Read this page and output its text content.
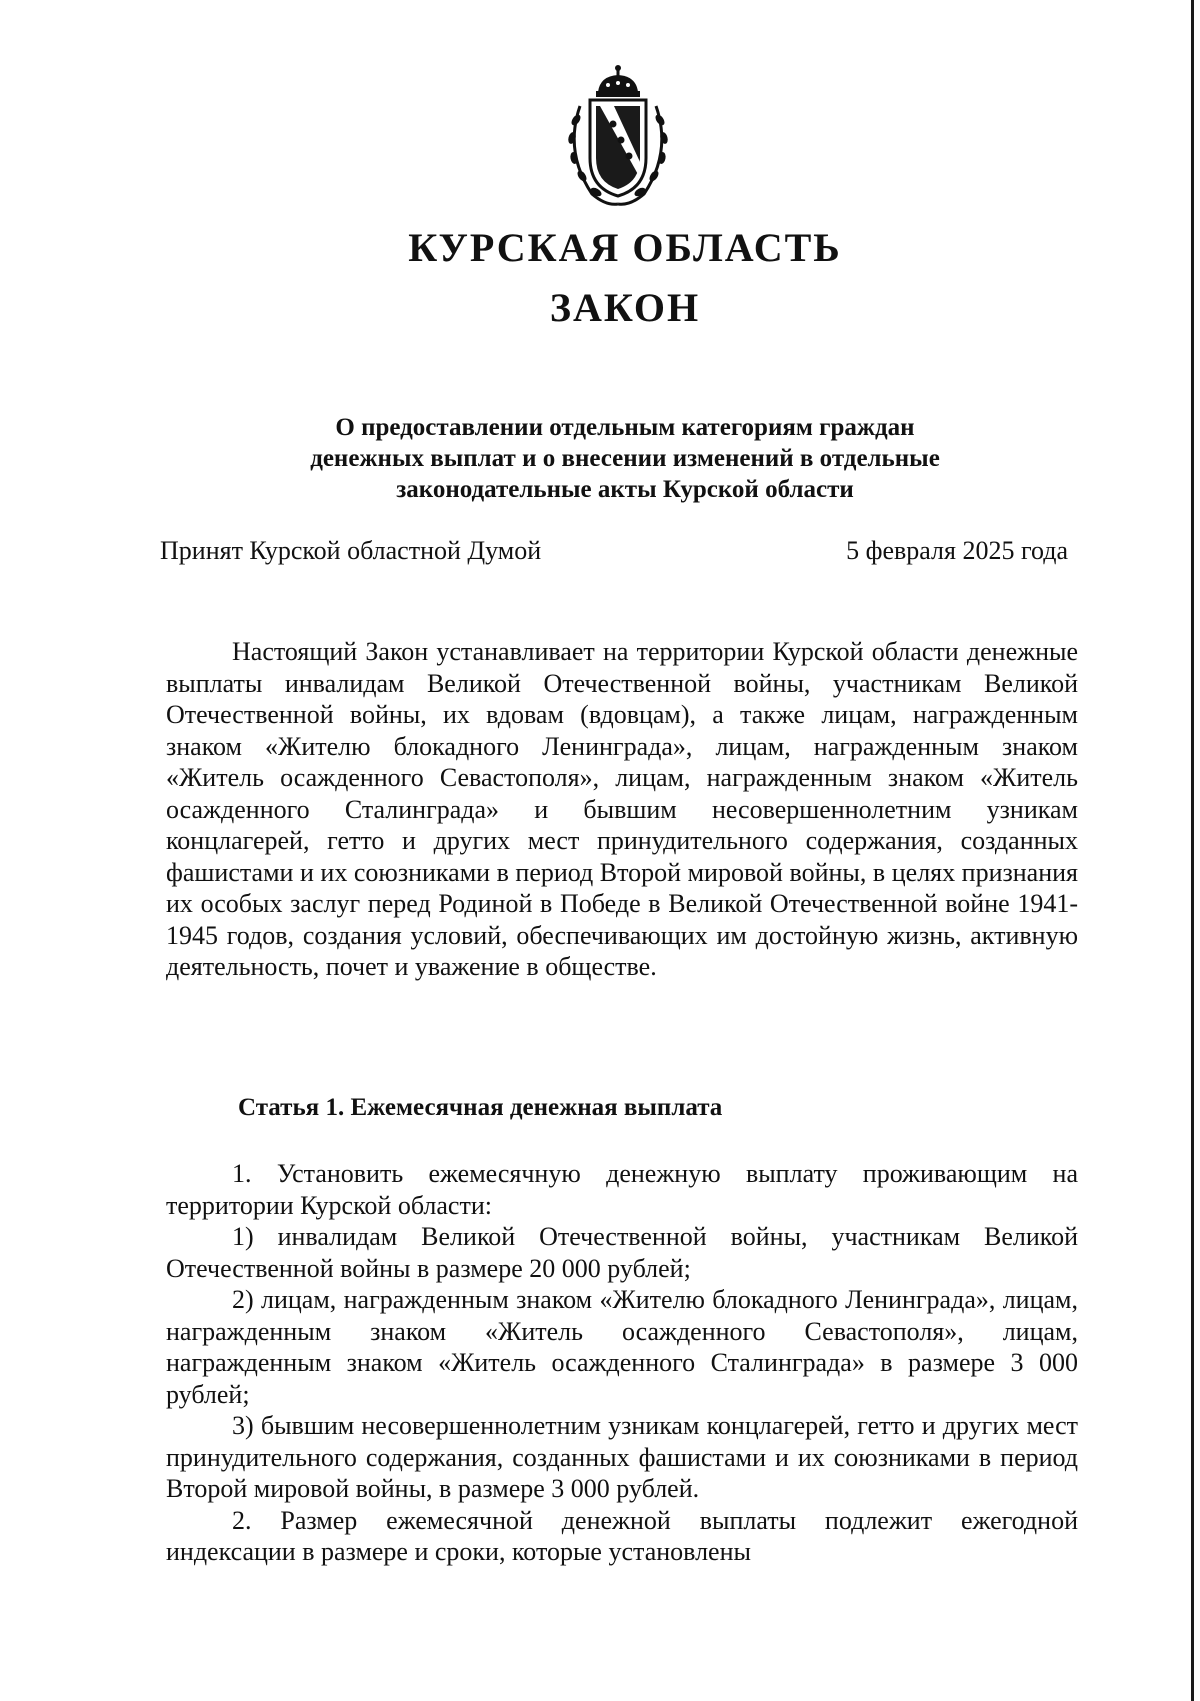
КУРСКАЯ ОБЛАСТЬ
ЗАКОН
О предоставлении отдельным категориям граждан
денежных выплат и о внесении изменений в отдельные
законодательные акты Курской области
Принят Курской областной Думой	5 февраля 2025 года

Настоящий Закон устанавливает на территории Курской области денежные выплаты инвалидам Великой Отечественной войны, участникам Великой Отечественной войны, их вдовам (вдовцам), а также лицам, награжденным знаком «Жителю блокадного Ленинграда», лицам, награжденным знаком «Житель осажденного Севастополя», лицам, награжденным знаком «Житель осажденного Сталинграда» и бывшим несовершеннолетним узникам концлагерей, гетто и других мест принудительного содержания, созданных фашистами и их союзниками в период Второй мировой войны, в целях признания их особых заслуг перед Родиной в Победе в Великой Отечественной войне 1941-1945 годов, создания условий, обеспечивающих им достойную жизнь, активную деятельность, почет и уважение в обществе.

Статья 1. Ежемесячная денежная выплата

1. Установить ежемесячную денежную выплату проживающим на территории Курской области:

1) инвалидам Великой Отечественной войны, участникам Великой Отечественной войны в размере 20 000 рублей;

2) лицам, награжденным знаком «Жителю блокадного Ленинграда», лицам, награжденным знаком «Житель осажденного Севастополя», лицам, награжденным знаком «Житель осажденного Сталинграда» в размере 3 000 рублей;

3) бывшим несовершеннолетним узникам концлагерей, гетто и других мест принудительного содержания, созданных фашистами и их союзниками в период Второй мировой войны, в размере 3 000 рублей.

2. Размер ежемесячной денежной выплаты подлежит ежегодной индексации в размере и сроки, которые установлены
